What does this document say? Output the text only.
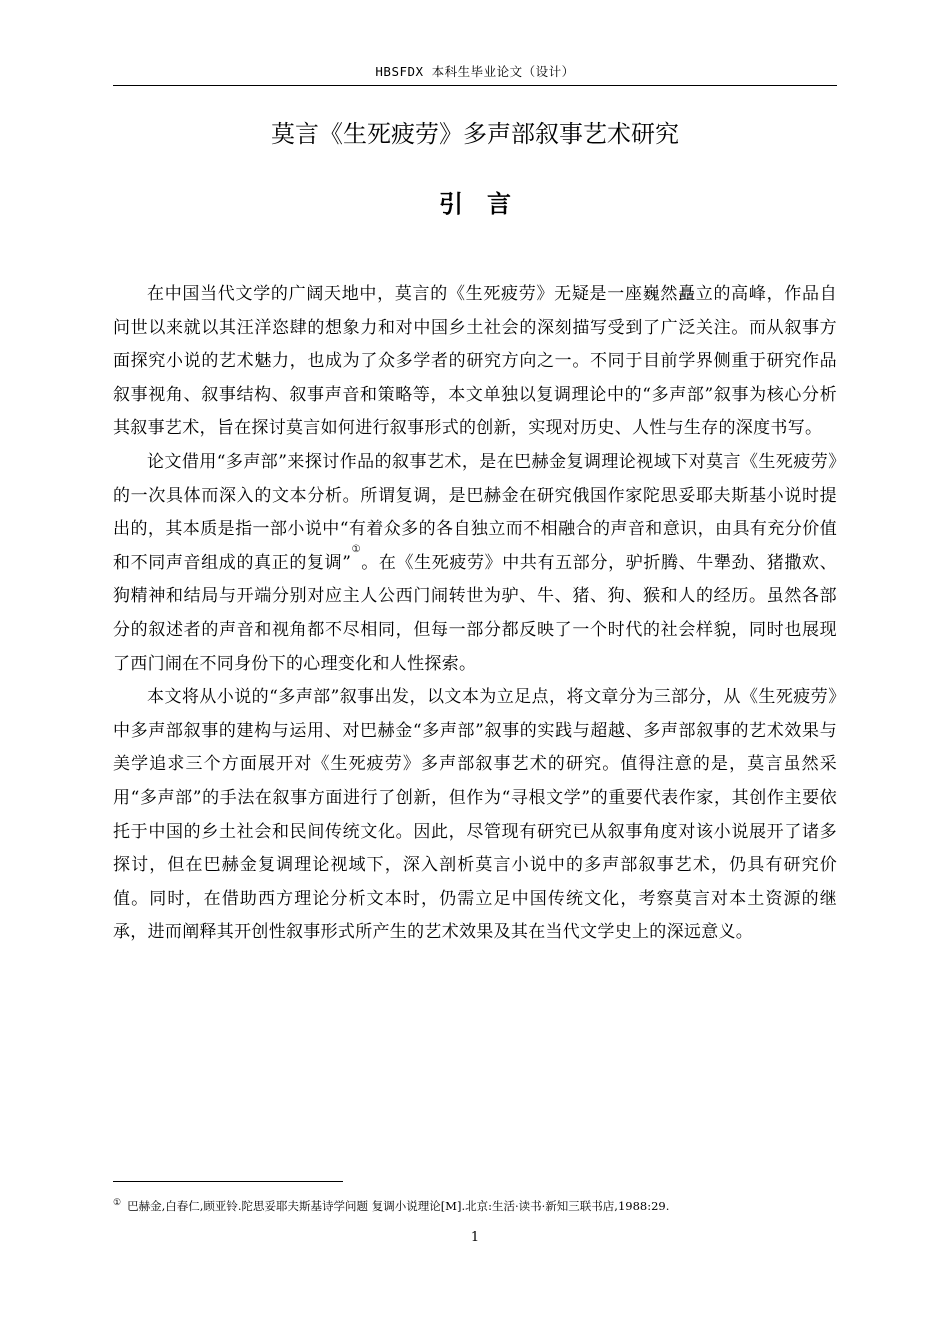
HBSFDX 本科生毕业论文（设计）
莫言《生死疲劳》多声部叙事艺术研究
引言

在中国当代文学的广阔天地中，莫言的《生死疲劳》无疑是一座巍然矗立的高峰，作品自问世以来就以其汪洋恣肆的想象力和对中国乡土社会的深刻描写受到了广泛关注。而从叙事方面探究小说的艺术魅力，也成为了众多学者的研究方向之一。不同于目前学界侧重于研究作品叙事视角、叙事结构、叙事声音和策略等，本文单独以复调理论中的“多声部”叙事为核心分析其叙事艺术，旨在探讨莫言如何进行叙事形式的创新，实现对历史、人性与生存的深度书写。

论文借用“多声部”来探讨作品的叙事艺术，是在巴赫金复调理论视域下对莫言《生死疲劳》的一次具体而深入的文本分析。所谓复调，是巴赫金在研究俄国作家陀思妥耶夫斯基小说时提出的，其本质是指一部小说中“有着众多的各自独立而不相融合的声音和意识，由具有充分价值和不同声音组成的真正的复调”①。在《生死疲劳》中共有五部分，驴折腾、牛犟劲、猪撒欢、狗精神和结局与开端分别对应主人公西门闹转世为驴、牛、猪、狗、猴和人的经历。虽然各部分的叙述者的声音和视角都不尽相同，但每一部分都反映了一个时代的社会样貌，同时也展现了西门闹在不同身份下的心理变化和人性探索。

本文将从小说的“多声部”叙事出发，以文本为立足点，将文章分为三部分，从《生死疲劳》中多声部叙事的建构与运用、对巴赫金“多声部”叙事的实践与超越、多声部叙事的艺术效果与美学追求三个方面展开对《生死疲劳》多声部叙事艺术的研究。值得注意的是，莫言虽然采用“多声部”的手法在叙事方面进行了创新，但作为“寻根文学”的重要代表作家，其创作主要依托于中国的乡土社会和民间传统文化。因此，尽管现有研究已从叙事角度对该小说展开了诸多探讨，但在巴赫金复调理论视域下，深入剖析莫言小说中的多声部叙事艺术，仍具有研究价值。同时，在借助西方理论分析文本时，仍需立足中国传统文化，考察莫言对本土资源的继承，进而阐释其开创性叙事形式所产生的艺术效果及其在当代文学史上的深远意义。

① 巴赫金,白春仁,顾亚铃.陀思妥耶夫斯基诗学问题 复调小说理论[M].北京:生活·读书·新知三联书店,1988:29.
1
